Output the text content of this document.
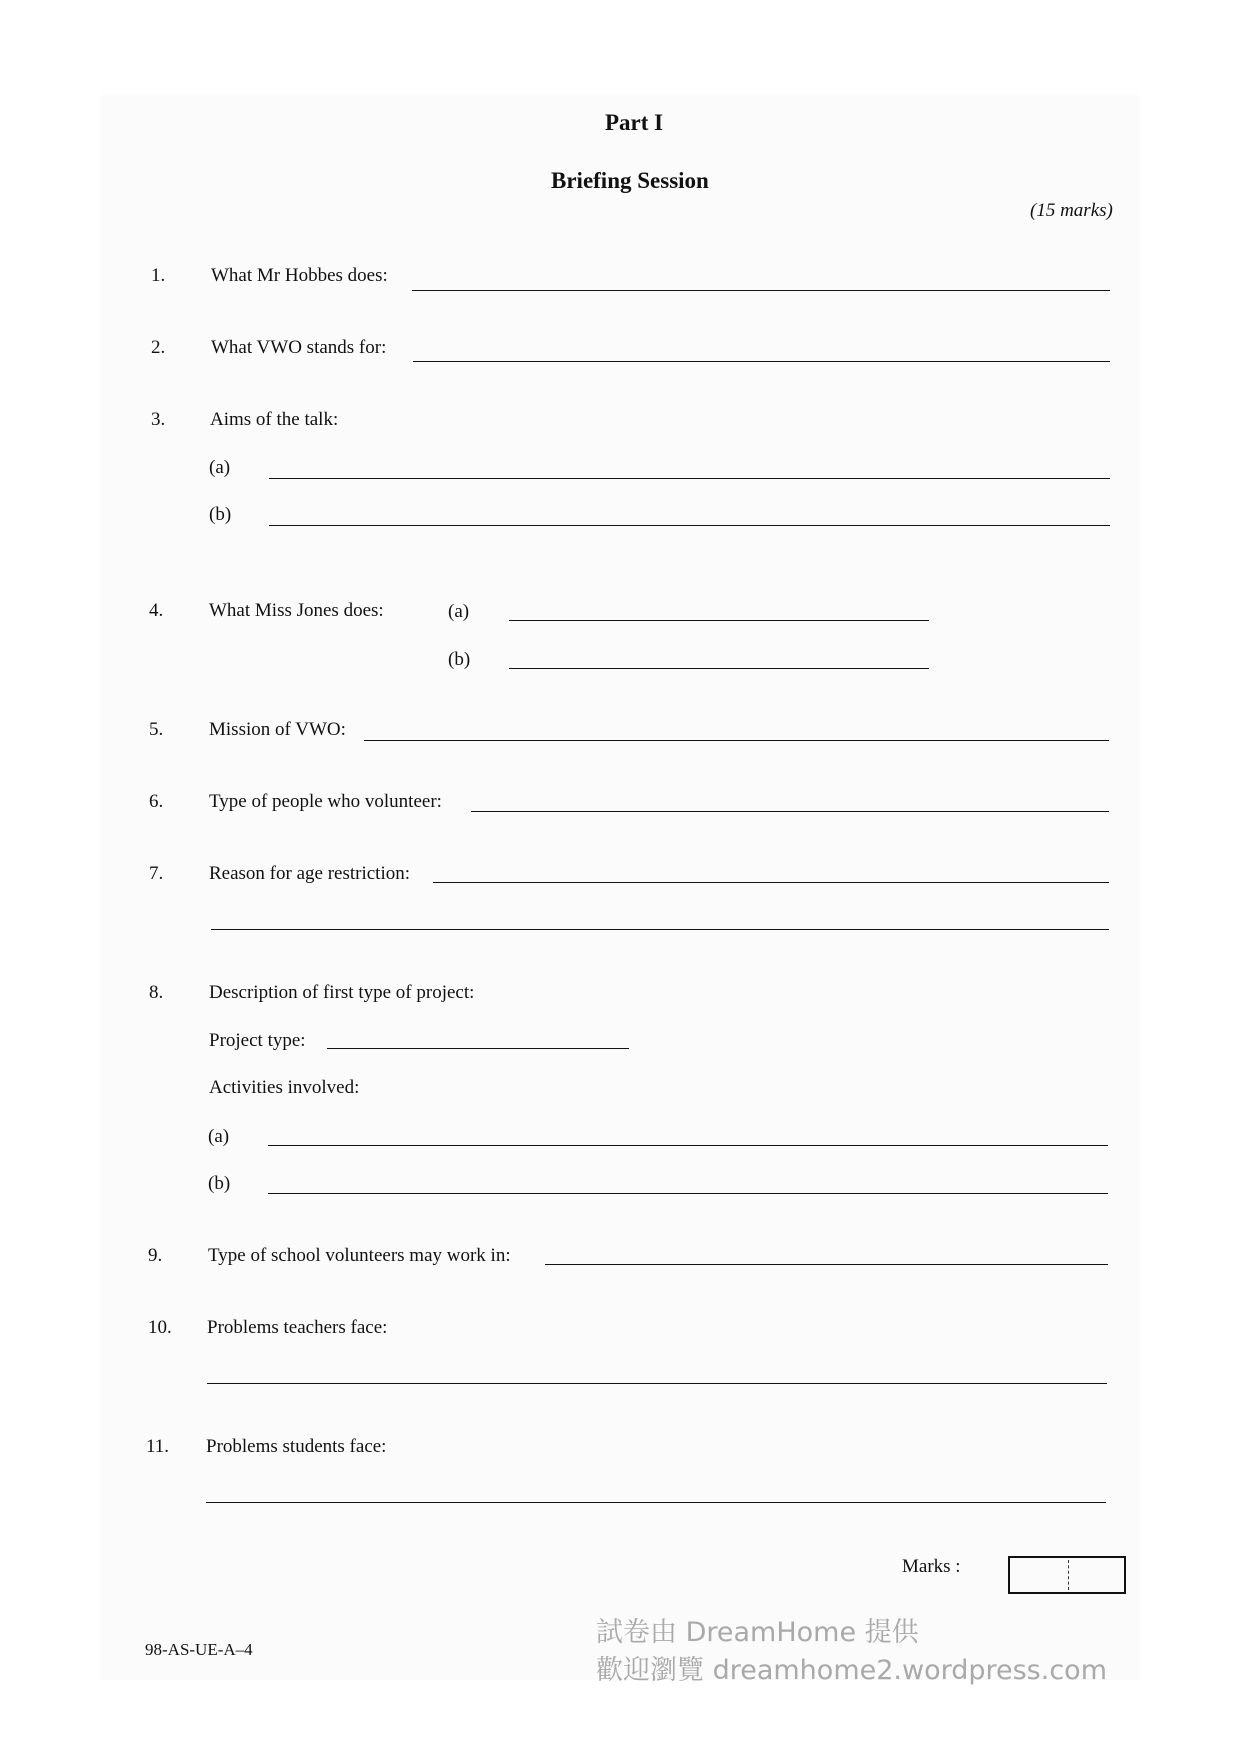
Part I
Briefing Session
(15 marks)
1. What Mr Hobbes does:
2. What VWO stands for:
3. Aims of the talk:
(a)
(b)
4. What Miss Jones does:	(a)
(b)
5. Mission of VWO:
6. Type of people who volunteer:
7. Reason for age restriction:
8. Description of first type of project:
Project type:
Activities involved:
(a)
(b)
9. Type of school volunteers may work in:
10. Problems teachers face:
11. Problems students face:
Marks :
98-AS-UE-A–4
試卷由 DreamHome 提供
歡迎瀏覽 dreamhome2.wordpress.com
